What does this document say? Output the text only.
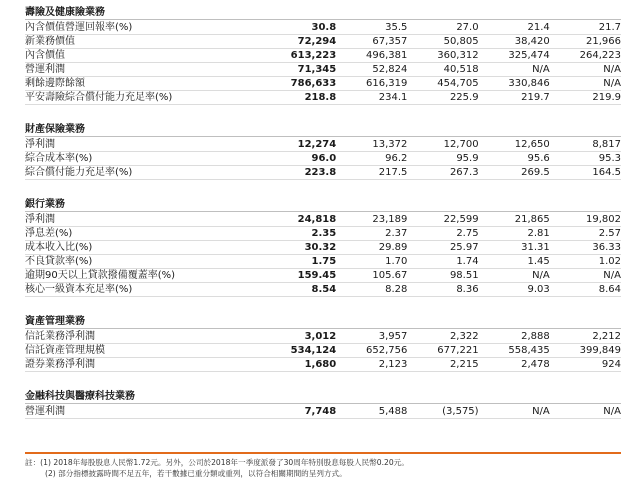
壽險及健康險業務					
內含價值營運回報率(%)	30.8	35.5	27.0	21.4	21.7
新業務價值	72,294	67,357	50,805	38,420	21,966
內含價值	613,223	496,381	360,312	325,474	264,223
營運利潤	71,345	52,824	40,518	N/A	N/A
剩餘邊際餘額	786,633	616,319	454,705	330,846	N/A
平安壽險綜合償付能力充足率(%)	218.8	234.1	225.9	219.7	219.9

財產保險業務					
淨利潤	12,274	13,372	12,700	12,650	8,817
綜合成本率(%)	96.0	96.2	95.9	95.6	95.3
綜合償付能力充足率(%)	223.8	217.5	267.3	269.5	164.5

銀行業務					
淨利潤	24,818	23,189	22,599	21,865	19,802
淨息差(%)	2.35	2.37	2.75	2.81	2.57
成本收入比(%)	30.32	29.89	25.97	31.31	36.33
不良貸款率(%)	1.75	1.70	1.74	1.45	1.02
逾期90天以上貸款撥備覆蓋率(%)	159.45	105.67	98.51	N/A	N/A
核心一級資本充足率(%)	8.54	8.28	8.36	9.03	8.64

資產管理業務					
信託業務淨利潤	3,012	3,957	2,322	2,888	2,212
信託資產管理規模	534,124	652,756	677,221	558,435	399,849
證券業務淨利潤	1,680	2,123	2,215	2,478	924

金融科技與醫療科技業務					
營運利潤	7,748	5,488	(3,575)	N/A	N/A
註：(1) 2018年每股股息人民幣1.72元。另外，公司於2018年一季度派發了30周年特別股息每股人民幣0.20元。
(2) 部分指標披露時間不足五年，若干數據已重分類或重列，以符合相關期間的呈列方式。
